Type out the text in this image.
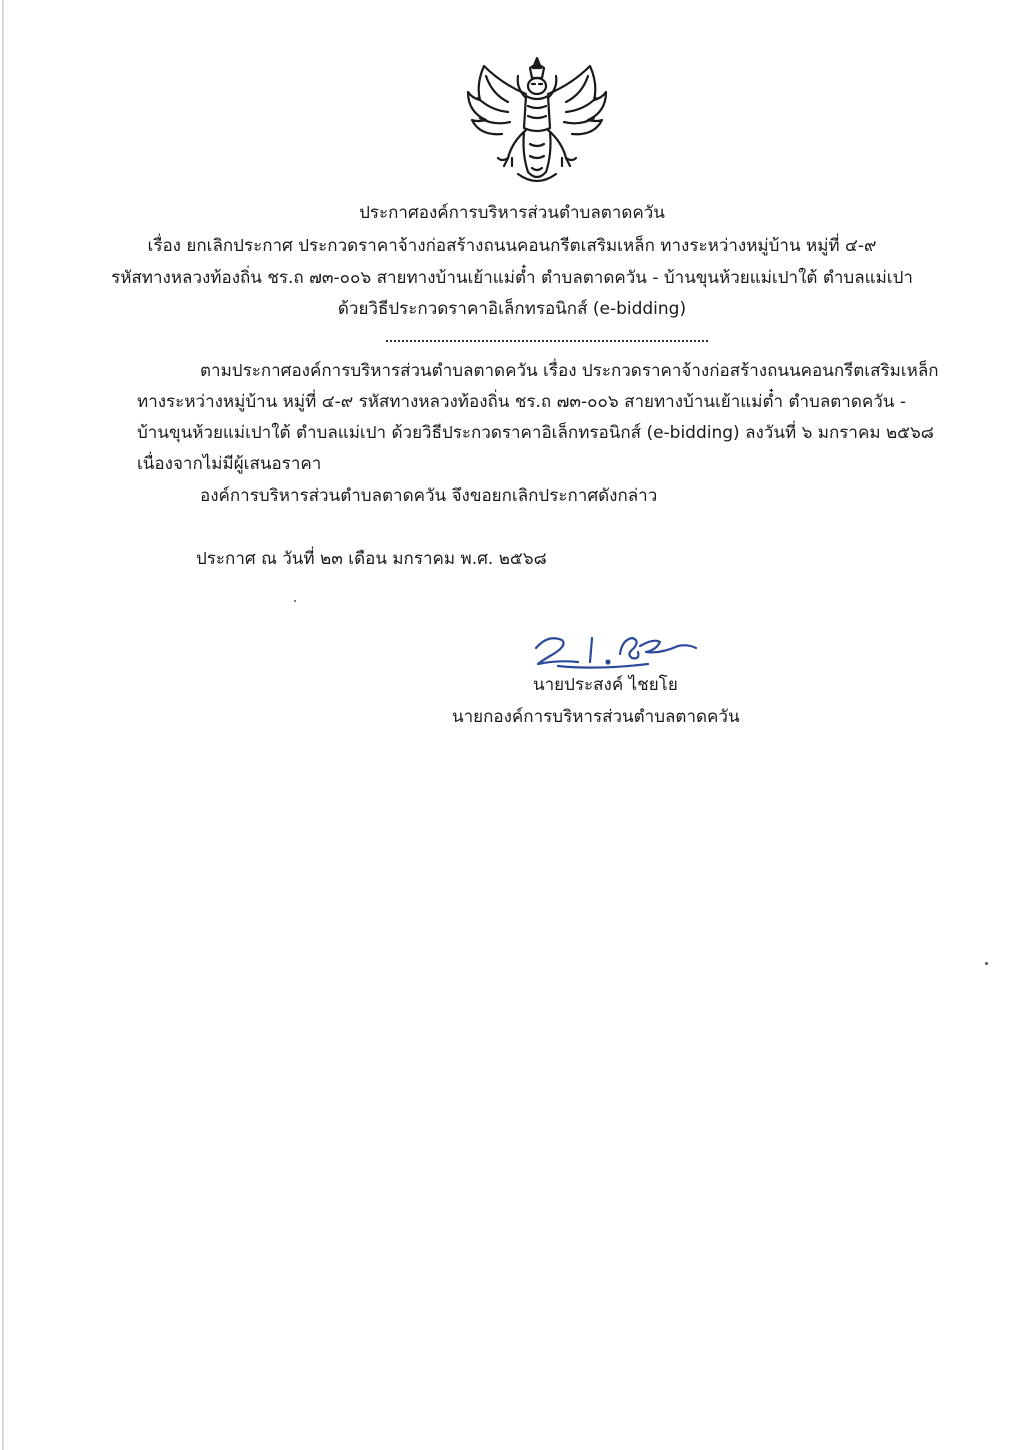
ประกาศองค์การบริหารส่วนตำบลตาดควัน
เรื่อง ยกเลิกประกาศ ประกวดราคาจ้างก่อสร้างถนนคอนกรีตเสริมเหล็ก ทางระหว่างหมู่บ้าน หมู่ที่ ๔-๙
รหัสทางหลวงท้องถิ่น ชร.ถ ๗๓-๐๐๖ สายทางบ้านเย้าแม่ต๋ำ ตำบลตาดควัน - บ้านขุนห้วยแม่เปาใต้ ตำบลแม่เปา
ด้วยวิธีประกวดราคาอิเล็กทรอนิกส์ (e-bidding)
ตามประกาศองค์การบริหารส่วนตำบลตาดควัน เรื่อง ประกวดราคาจ้างก่อสร้างถนนคอนกรีตเสริมเหล็ก
ทางระหว่างหมู่บ้าน หมู่ที่ ๔-๙ รหัสทางหลวงท้องถิ่น ชร.ถ ๗๓-๐๐๖ สายทางบ้านเย้าแม่ต๋ำ ตำบลตาดควัน -
บ้านขุนห้วยแม่เปาใต้ ตำบลแม่เปา ด้วยวิธีประกวดราคาอิเล็กทรอนิกส์ (e-bidding) ลงวันที่ ๖ มกราคม ๒๕๖๘
เนื่องจากไม่มีผู้เสนอราคา
องค์การบริหารส่วนตำบลตาดควัน จึงขอยกเลิกประกาศดังกล่าว
ประกาศ ณ วันที่ ๒๓ เดือน มกราคม พ.ศ. ๒๕๖๘
นายประสงค์ ไชยโย
นายกองค์การบริหารส่วนตำบลตาดควัน
